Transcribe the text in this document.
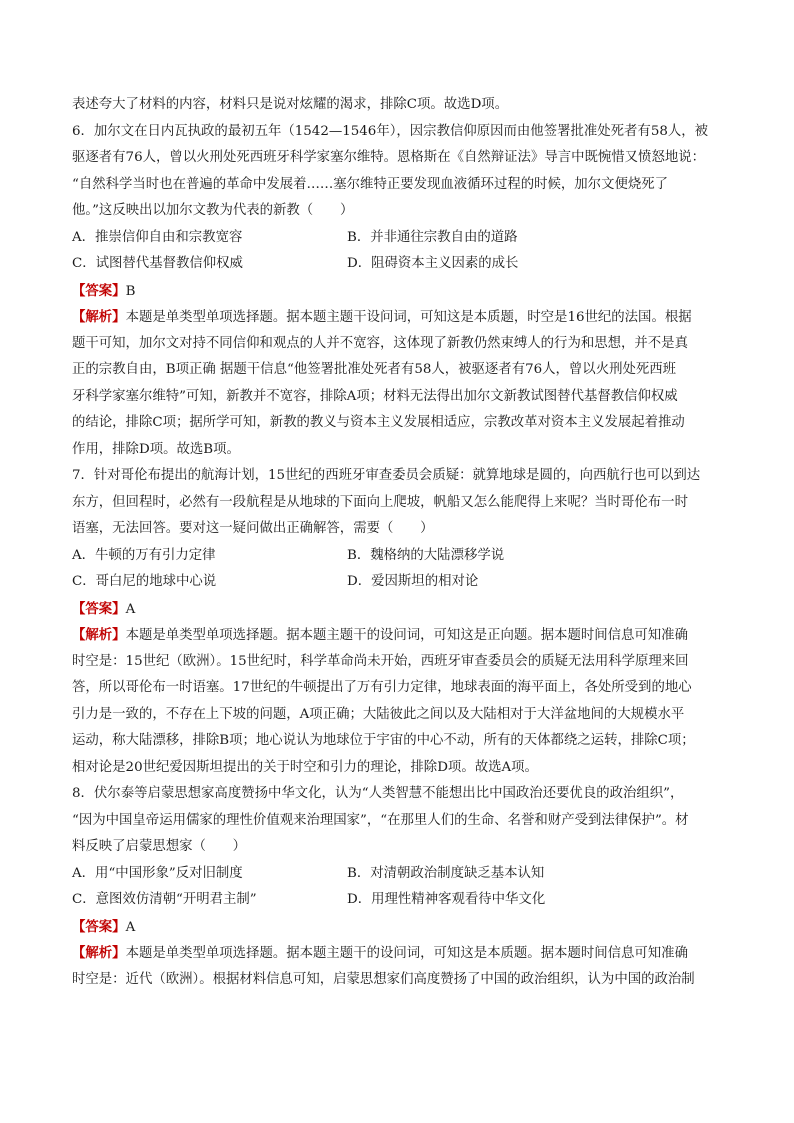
表述夸大了材料的内容，材料只是说对炫耀的渴求，排除C项。故选D项。
6．加尔文在日内瓦执政的最初五年（1542—1546年），因宗教信仰原因而由他签署批准处死者有58人，被
驱逐者有76人，曾以火刑处死西班牙科学家塞尔维特。恩格斯在《自然辩证法》导言中既惋惜又愤怒地说：
“自然科学当时也在普遍的革命中发展着……塞尔维特正要发现血液循环过程的时候，加尔文便烧死了
他。”这反映出以加尔文教为代表的新教（　　）
A．推崇信仰自由和宗教宽容	B．并非通往宗教自由的道路
C．试图替代基督教信仰权威	D．阻碍资本主义因素的成长
【答案】B
【解析】本题是单类型单项选择题。据本题主题干设问词，可知这是本质题，时空是16世纪的法国。根据
题干可知，加尔文对持不同信仰和观点的人并不宽容，这体现了新教仍然束缚人的行为和思想，并不是真
正的宗教自由，B项正确 据题干信息“他签署批准处死者有58人，被驱逐者有76人，曾以火刑处死西班
牙科学家塞尔维特”可知，新教并不宽容，排除A项；材料无法得出加尔文新教试图替代基督教信仰权威
的结论，排除C项；据所学可知，新教的教义与资本主义发展相适应，宗教改革对资本主义发展起着推动
作用，排除D项。故选B项。
7．针对哥伦布提出的航海计划，15世纪的西班牙审查委员会质疑：就算地球是圆的，向西航行也可以到达
东方，但回程时，必然有一段航程是从地球的下面向上爬坡，帆船又怎么能爬得上来呢？当时哥伦布一时
语塞，无法回答。要对这一疑问做出正确解答，需要（　　）
A．牛顿的万有引力定律	B．魏格纳的大陆漂移学说
C．哥白尼的地球中心说	D．爱因斯坦的相对论
【答案】A
【解析】本题是单类型单项选择题。据本题主题干的设问词，可知这是正向题。据本题时间信息可知准确
时空是：15世纪（欧洲）。15世纪时，科学革命尚未开始，西班牙审查委员会的质疑无法用科学原理来回
答，所以哥伦布一时语塞。17世纪的牛顿提出了万有引力定律，地球表面的海平面上，各处所受到的地心
引力是一致的，不存在上下坡的问题，A项正确；大陆彼此之间以及大陆相对于大洋盆地间的大规模水平
运动，称大陆漂移，排除B项；地心说认为地球位于宇宙的中心不动，所有的天体都绕之运转，排除C项；
相对论是20世纪爱因斯坦提出的关于时空和引力的理论，排除D项。故选A项。
8．伏尔泰等启蒙思想家高度赞扬中华文化，认为“人类智慧不能想出比中国政治还要优良的政治组织”，
“因为中国皇帝运用儒家的理性价值观来治理国家”，“在那里人们的生命、名誉和财产受到法律保护”。材
料反映了启蒙思想家（　　）
A．用“中国形象”反对旧制度	B．对清朝政治制度缺乏基本认知
C．意图效仿清朝“开明君主制”	D．用理性精神客观看待中华文化
【答案】A
【解析】本题是单类型单项选择题。据本题主题干的设问词，可知这是本质题。据本题时间信息可知准确
时空是：近代（欧洲）。根据材料信息可知，启蒙思想家们高度赞扬了中国的政治组织，认为中国的政治制
